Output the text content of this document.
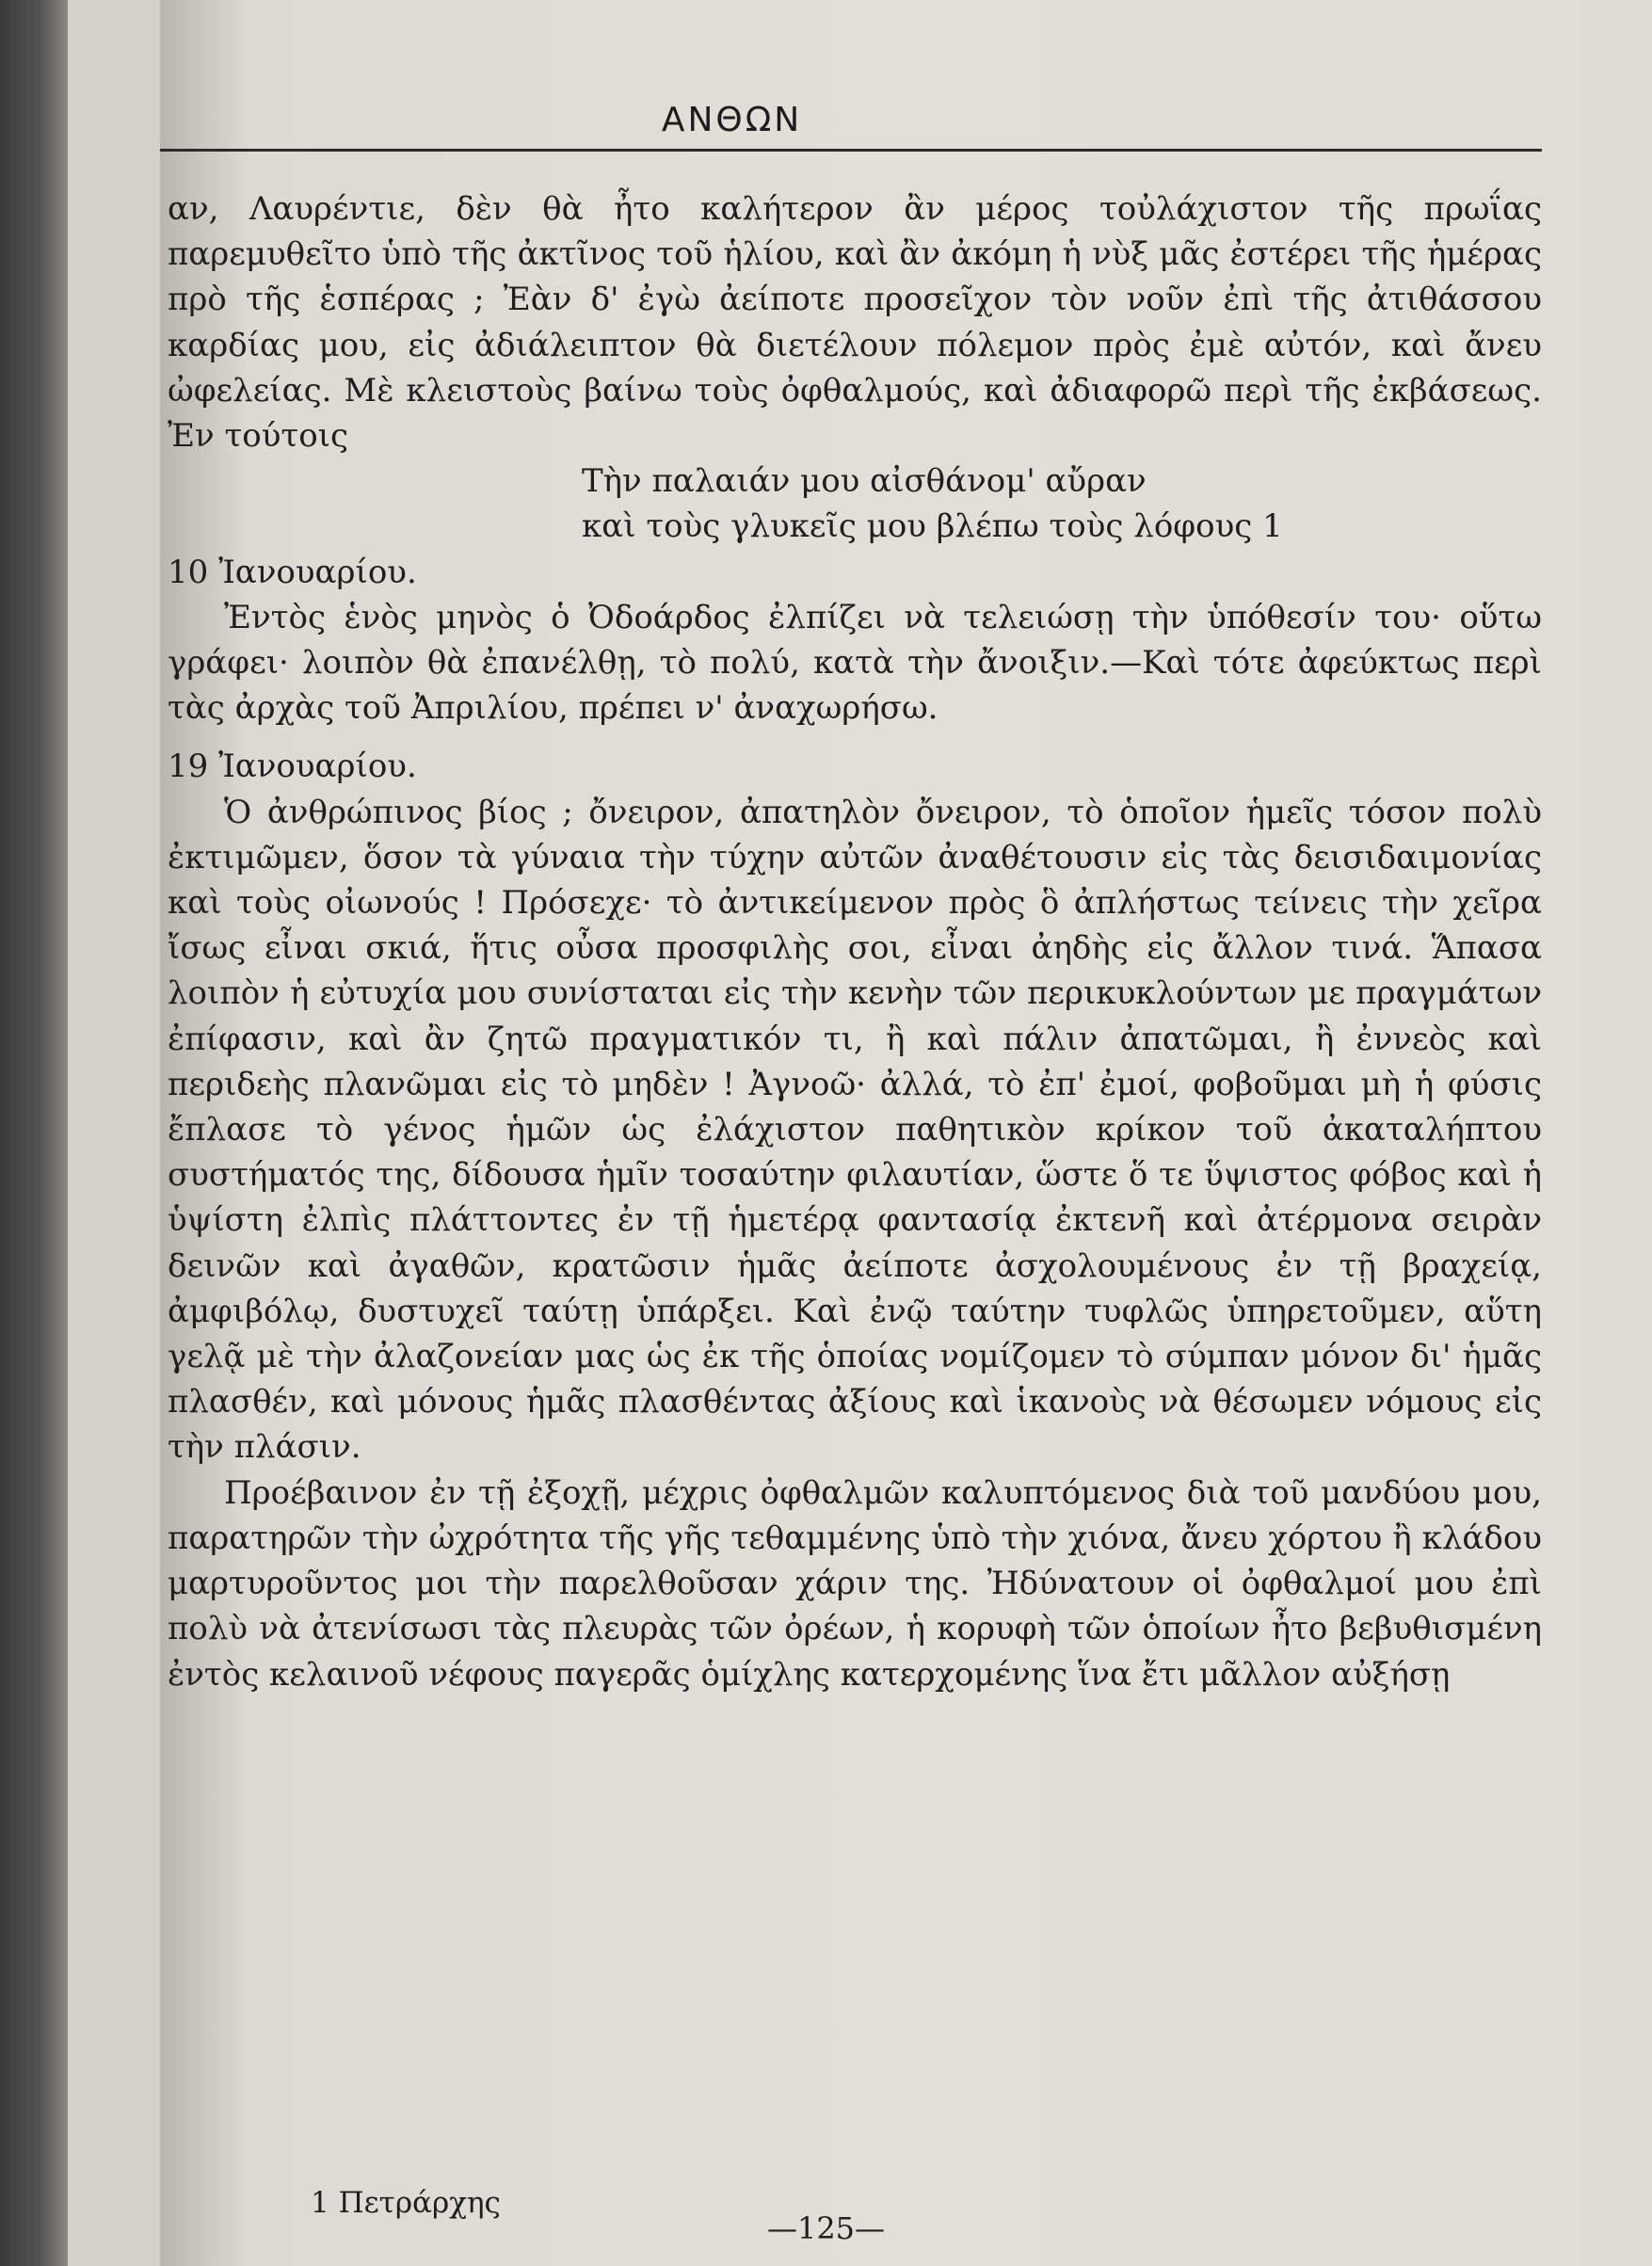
ΑΝΘΩΝ

αν, Λαυρέντιε, δὲν θὰ ἦτο καλήτερον ἂν μέρος τοὐλάχιστον τῆς πρωΐας παρεμυθεῖτο ὑπὸ τῆς ἀκτῖνος τοῦ ἡλίου, καὶ ἂν ἀκόμη ἡ νὺξ μᾶς ἐστέρει τῆς ἡμέρας πρὸ τῆς ἑσπέρας ; Ἐὰν δ' ἐγὼ ἀείποτε προσεῖχον τὸν νοῦν ἐπὶ τῆς ἀτιθάσσου καρδίας μου, εἰς ἀδιάλειπτον θὰ διετέλουν πόλεμον πρὸς ἐμὲ αὐτόν, καὶ ἄνευ ὠφελείας. Μὲ κλειστοὺς βαίνω τοὺς ὀφθαλμούς, καὶ ἀδιαφορῶ περὶ τῆς ἐκβάσεως. Ἐν τούτοις

Τὴν παλαιάν μου αἰσθάνομ' αὔραν
καὶ τοὺς γλυκεῖς μου βλέπω τοὺς λόφους 1

10 Ἰανουαρίου.

Ἐντὸς ἑνὸς μηνὸς ὁ Ὀδοάρδος ἐλπίζει νὰ τελειώσῃ τὴν ὑπόθεσίν του· οὕτω γράφει· λοιπὸν θὰ ἐπανέλθῃ, τὸ πολύ, κατὰ τὴν ἄνοιξιν.—Καὶ τότε ἀφεύκτως περὶ τὰς ἀρχὰς τοῦ Ἀπριλίου, πρέπει ν' ἀναχωρήσω.

19 Ἰανουαρίου.

Ὁ ἀνθρώπινος βίος ; ὄνειρον, ἀπατηλὸν ὄνειρον, τὸ ὁποῖον ἡμεῖς τόσον πολὺ ἐκτιμῶμεν, ὅσον τὰ γύναια τὴν τύχην αὐτῶν ἀναθέτουσιν εἰς τὰς δεισιδαιμονίας καὶ τοὺς οἰωνούς ! Πρόσεχε· τὸ ἀντικείμενον πρὸς ὃ ἀπλήστως τείνεις τὴν χεῖρα ἴσως εἶναι σκιά, ἥτις οὖσα προσφιλὴς σοι, εἶναι ἀηδὴς εἰς ἄλλον τινά. Ἅπασα λοιπὸν ἡ εὐτυχία μου συνίσταται εἰς τὴν κενὴν τῶν περικυκλούντων με πραγμάτων ἐπίφασιν, καὶ ἂν ζητῶ πραγματικόν τι, ἢ καὶ πάλιν ἀπατῶμαι, ἢ ἐννεὸς καὶ περιδεὴς πλανῶμαι εἰς τὸ μηδὲν ! Ἀγνοῶ· ἀλλά, τὸ ἐπ' ἐμοί, φοβοῦμαι μὴ ἡ φύσις ἔπλασε τὸ γένος ἡμῶν ὡς ἐλάχιστον παθητικὸν κρίκον τοῦ ἀκαταλήπτου συστήματός της, δίδουσα ἡμῖν τοσαύτην φιλαυτίαν, ὥστε ὅ τε ὕψιστος φόβος καὶ ἡ ὑψίστη ἐλπὶς πλάττοντες ἐν τῇ ἡμετέρᾳ φαντασίᾳ ἐκτενῆ καὶ ἀτέρμονα σειρὰν δεινῶν καὶ ἀγαθῶν, κρατῶσιν ἡμᾶς ἀείποτε ἀσχολουμένους ἐν τῇ βραχείᾳ, ἀμφιβόλῳ, δυστυχεῖ ταύτῃ ὑπάρξει. Καὶ ἐνῷ ταύτην τυφλῶς ὑπηρετοῦμεν, αὕτη γελᾷ μὲ τὴν ἀλαζονείαν μας ὡς ἐκ τῆς ὁποίας νομίζομεν τὸ σύμπαν μόνον δι' ἡμᾶς πλασθέν, καὶ μόνους ἡμᾶς πλασθέντας ἀξίους καὶ ἱκανοὺς νὰ θέσωμεν νόμους εἰς τὴν πλάσιν.

Προέβαινον ἐν τῇ ἐξοχῇ, μέχρις ὀφθαλμῶν καλυπτόμενος διὰ τοῦ μανδύου μου, παρατηρῶν τὴν ὠχρότητα τῆς γῆς τεθαμμένης ὑπὸ τὴν χιόνα, ἄνευ χόρτου ἢ κλάδου μαρτυροῦντος μοι τὴν παρελθοῦσαν χάριν της. Ἠδύνατουν οἱ ὀφθαλμοί μου ἐπὶ πολὺ νὰ ἀτενίσωσι τὰς πλευρὰς τῶν ὀρέων, ἡ κορυφὴ τῶν ὁποίων ἦτο βεβυθισμένη ἐντὸς κελαινοῦ νέφους παγερᾶς ὁμίχλης κατερχομένης ἵνα ἔτι μᾶλλον αὐξήσῃ

1 Πετράρχης
—125—
